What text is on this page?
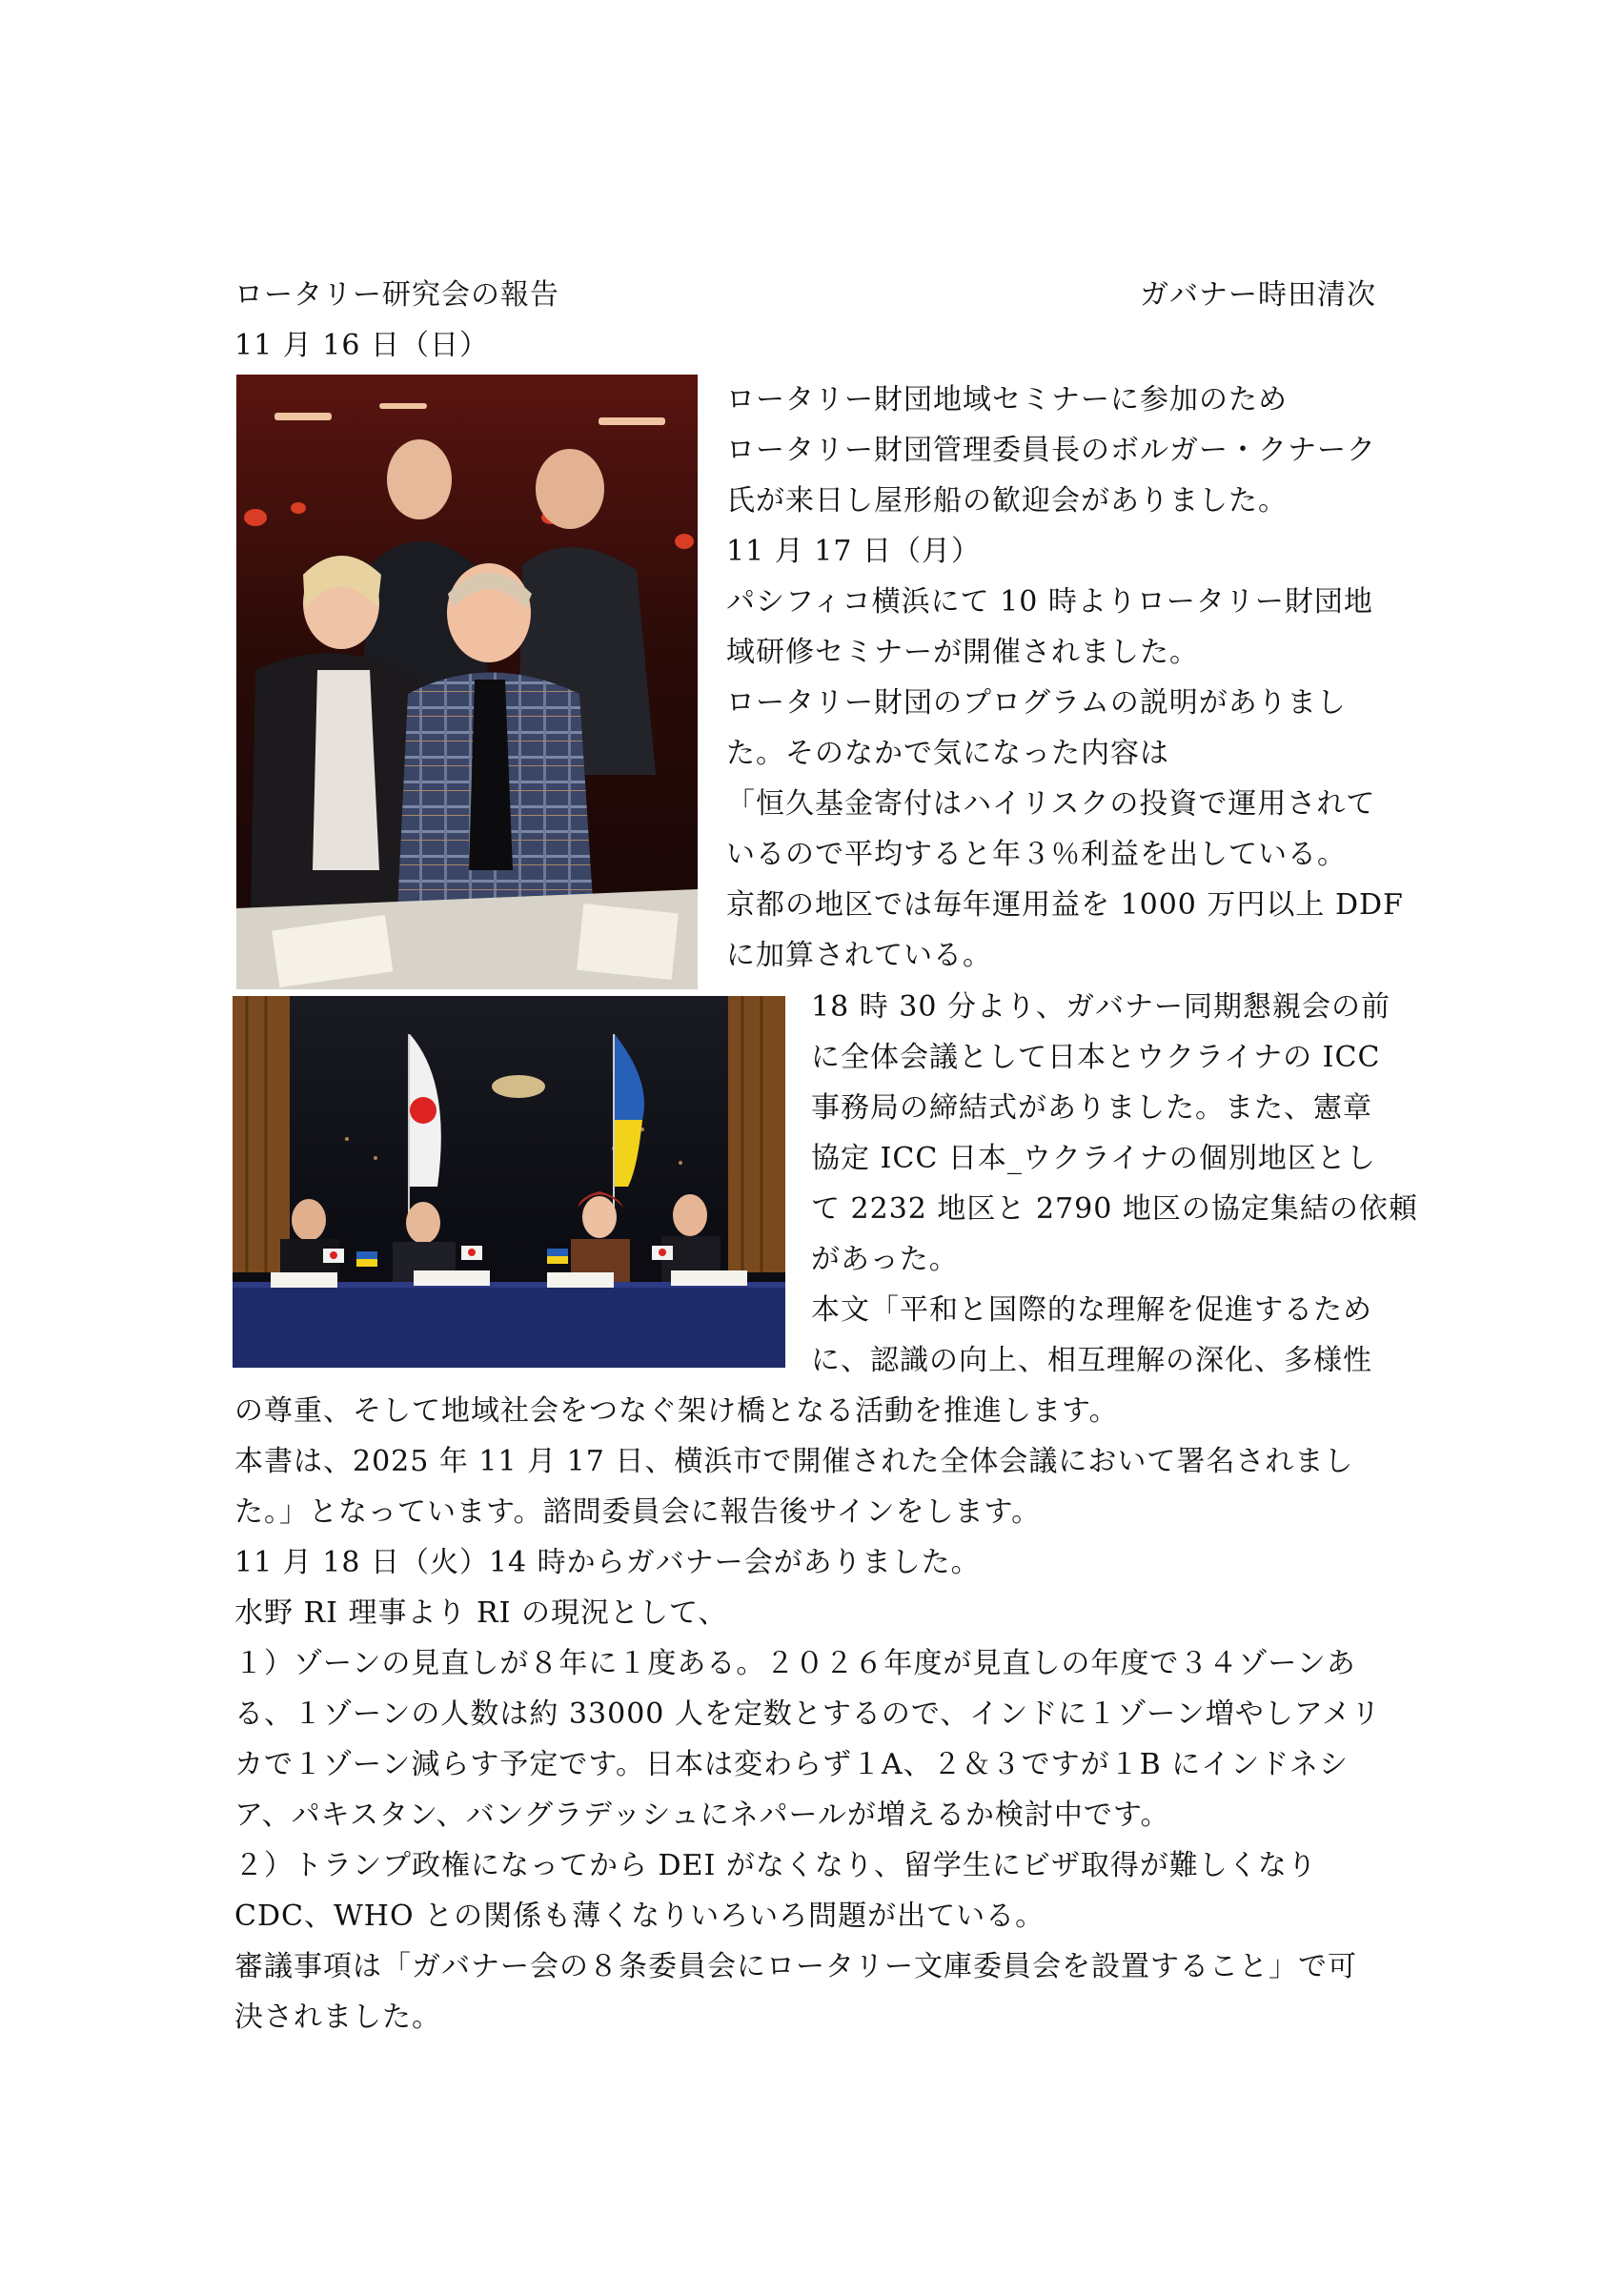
ロータリー研究会の報告	ガバナー時田清次
11 月 16 日（日）
ロータリー財団地域セミナーに参加のため
ロータリー財団管理委員長のボルガー・クナーク
氏が来日し屋形船の歓迎会がありました。
11 月 17 日（月）
パシフィコ横浜にて 10 時よりロータリー財団地
域研修セミナーが開催されました。
ロータリー財団のプログラムの説明がありまし
た。そのなかで気になった内容は
「恒久基金寄付はハイリスクの投資で運用されて
いるので平均すると年３％利益を出している。
京都の地区では毎年運用益を 1000 万円以上 DDF
に加算されている。
18 時 30 分より、ガバナー同期懇親会の前
に全体会議として日本とウクライナの ICC
事務局の締結式がありました。また、憲章
協定 ICC 日本_ウクライナの個別地区とし
て 2232 地区と 2790 地区の協定集結の依頼
があった。
本文「平和と国際的な理解を促進するため
に、認識の向上、相互理解の深化、多様性
の尊重、そして地域社会をつなぐ架け橋となる活動を推進します。
本書は、2025 年 11 月 17 日、横浜市で開催された全体会議において署名されまし
た。」となっています。諮問委員会に報告後サインをします。
11 月 18 日（火）14 時からガバナー会がありました。
水野 RI 理事より RI の現況として、
１）ゾーンの見直しが８年に１度ある。２０２６年度が見直しの年度で３４ゾーンあ
る、１ゾーンの人数は約 33000 人を定数とするので、インドに１ゾーン増やしアメリ
カで１ゾーン減らす予定です。日本は変わらず１A、２＆３ですが１B にインドネシ
ア、パキスタン、バングラデッシュにネパールが増えるか検討中です。
２）トランプ政権になってから DEI がなくなり、留学生にビザ取得が難しくなり
CDC、WHO との関係も薄くなりいろいろ問題が出ている。
審議事項は「ガバナー会の８条委員会にロータリー文庫委員会を設置すること」で可
決されました。
